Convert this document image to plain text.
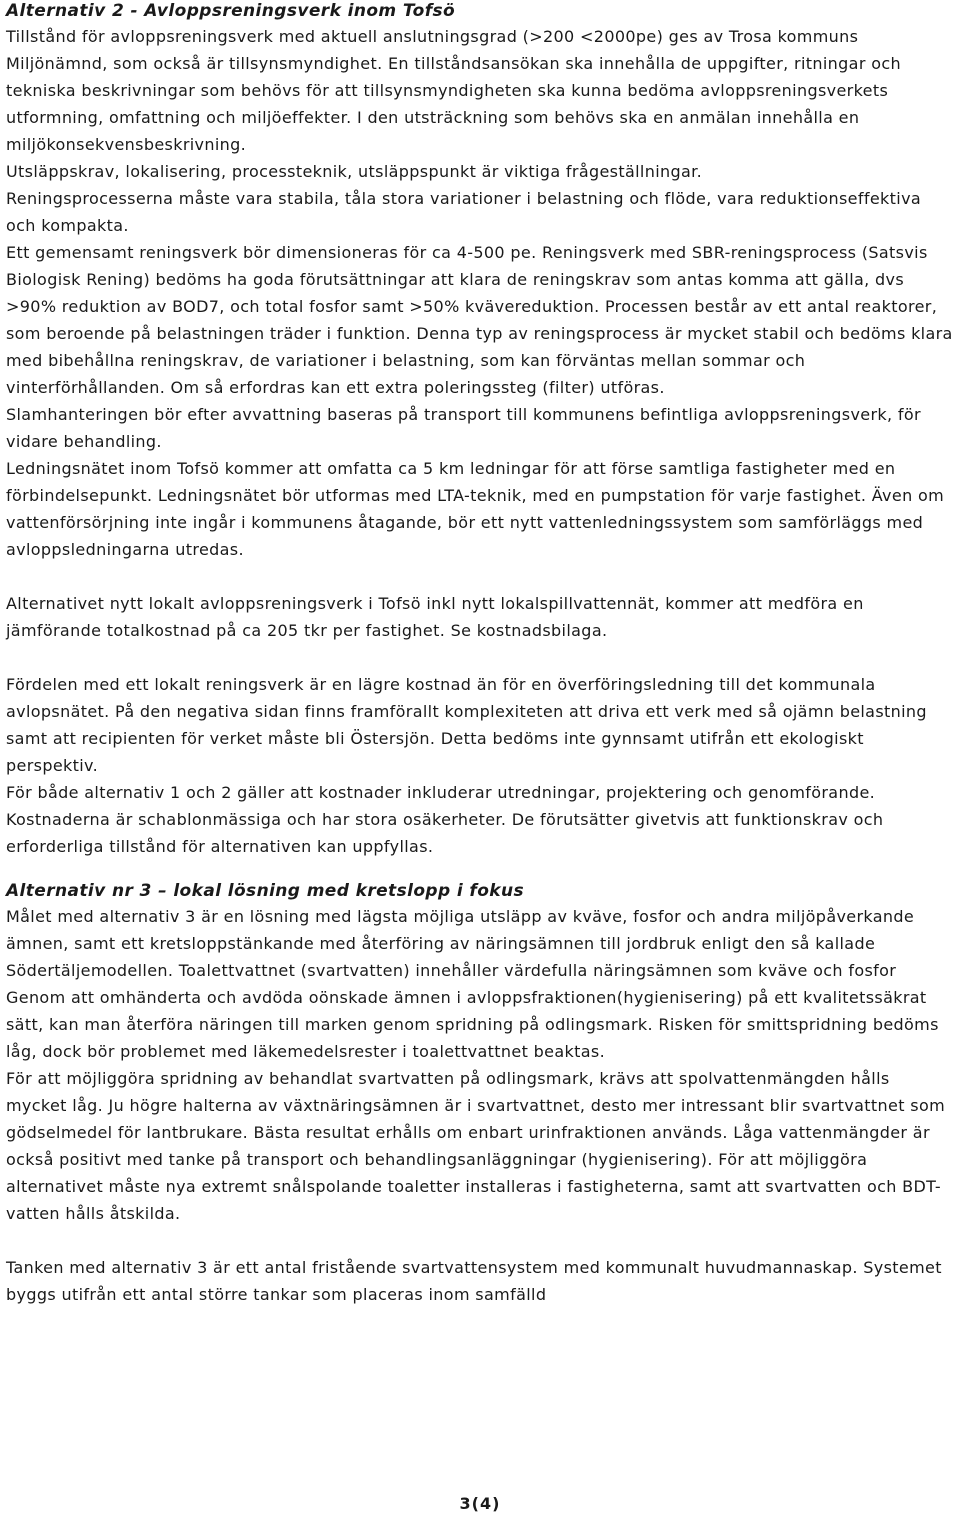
Alternativ 2 - Avloppsreningsverk inom Tofsö

Tillstånd för avloppsreningsverk med aktuell anslutningsgrad (>200 <2000pe) ges av Trosa kommuns Miljönämnd, som också är tillsynsmyndighet. En tillståndsansökan ska innehålla de uppgifter, ritningar och tekniska beskrivningar som behövs för att tillsynsmyndigheten ska kunna bedöma avloppsreningsverkets utformning, omfattning och miljöeffekter. I den utsträckning som behövs ska en anmälan innehålla en miljökonsekvensbeskrivning.

Utsläppskrav, lokalisering, processteknik, utsläppspunkt är viktiga frågeställningar.

Reningsprocesserna måste vara stabila, tåla stora variationer i belastning och flöde, vara reduktionseffektiva och kompakta.

Ett gemensamt reningsverk bör dimensioneras för ca 4-500 pe. Reningsverk med SBR-reningsprocess (Satsvis Biologisk Rening) bedöms ha goda förutsättningar att klara de reningskrav som antas komma att gälla, dvs >90% reduktion av BOD7, och total fosfor samt >50% kvävereduktion. Processen består av ett antal reaktorer, som beroende på belastningen träder i funktion. Denna typ av reningsprocess är mycket stabil och bedöms klara med bibehållna reningskrav, de variationer i belastning, som kan förväntas mellan sommar och vinterförhållanden. Om så erfordras kan ett extra poleringssteg (filter) utföras.

Slamhanteringen bör efter avvattning baseras på transport till kommunens befintliga avloppsreningsverk, för vidare behandling.

Ledningsnätet inom Tofsö kommer att omfatta ca 5 km ledningar för att förse samtliga fastigheter med en förbindelsepunkt. Ledningsnätet bör utformas med LTA-teknik, med en pumpstation för varje fastighet. Även om vattenförsörjning inte ingår i kommunens åtagande, bör ett nytt vattenledningssystem som samförläggs med avloppsledningarna utredas.

Alternativet nytt lokalt avloppsreningsverk i Tofsö inkl nytt lokalspillvattennät, kommer att medföra en jämförande totalkostnad på ca 205 tkr per fastighet. Se kostnadsbilaga.

Fördelen med ett lokalt reningsverk är en lägre kostnad än för en överföringsledning till det kommunala avlopsnätet. På den negativa sidan finns framförallt komplexiteten att driva ett verk med så ojämn belastning samt att recipienten för verket måste bli Östersjön. Detta bedöms inte gynnsamt utifrån ett ekologiskt perspektiv.

För både alternativ 1 och 2 gäller att kostnader inkluderar utredningar, projektering och genomförande. Kostnaderna är schablonmässiga och har stora osäkerheter. De förutsätter givetvis att funktionskrav och erforderliga tillstånd för alternativen kan uppfyllas.

Alternativ nr 3 – lokal lösning med kretslopp i fokus

Målet med alternativ 3 är en lösning med lägsta möjliga utsläpp av kväve, fosfor och andra miljöpåverkande ämnen, samt ett kretsloppstänkande med återföring av näringsämnen till jordbruk enligt den så kallade Södertäljemodellen. Toalettvattnet (svartvatten) innehåller värdefulla näringsämnen som kväve och fosfor Genom att omhänderta och avdöda oönskade ämnen i avloppsfraktionen(hygienisering) på ett kvalitetssäkrat sätt, kan man återföra näringen till marken genom spridning på odlingsmark. Risken för smittspridning bedöms låg, dock bör problemet med läkemedelsrester i toalettvattnet beaktas.

För att möjliggöra spridning av behandlat svartvatten på odlingsmark, krävs att spolvattenmängden hålls mycket låg. Ju högre halterna av växtnäringsämnen är i svartvattnet, desto mer intressant blir svartvattnet som gödselmedel för lantbrukare. Bästa resultat erhålls om enbart urinfraktionen används. Låga vattenmängder är också positivt med tanke på transport och behandlingsanläggningar (hygienisering). För att möjliggöra alternativet måste nya extremt snålspolande toaletter installeras i fastigheterna, samt att svartvatten och BDT-vatten hålls åtskilda.

Tanken med alternativ 3 är ett antal fristående svartvattensystem med kommunalt huvudmannaskap. Systemet byggs utifrån ett antal större tankar som placeras inom samfälld

3(4)
